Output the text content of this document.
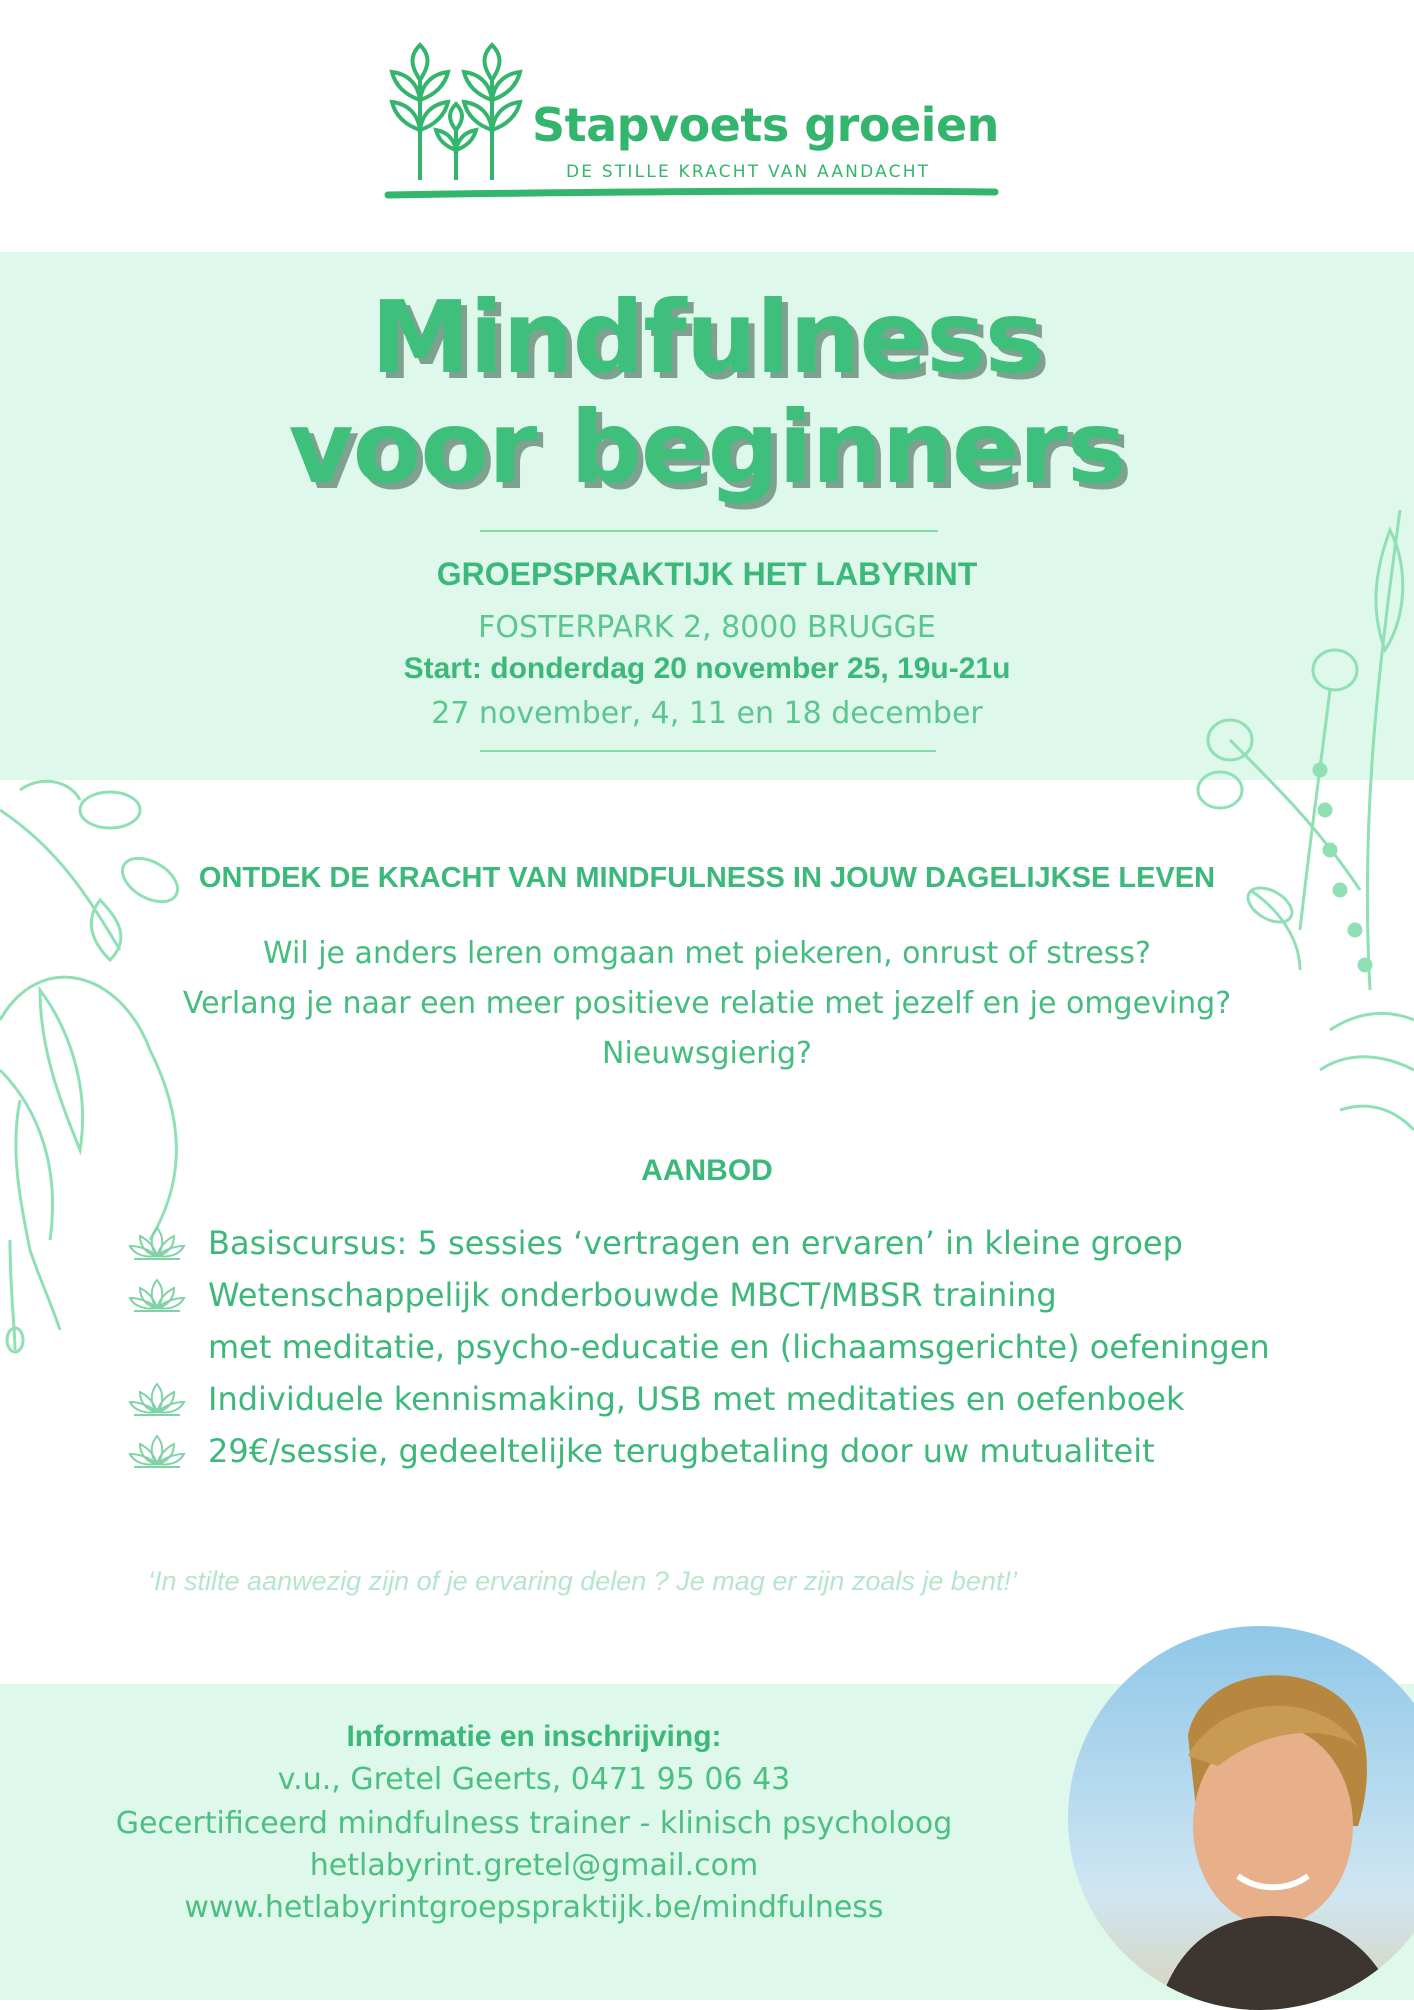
Stapvoets groeien
DE STILLE KRACHT VAN AANDACHT
Mindfulness
voor beginners
GROEPSPRAKTIJK HET LABYRINT
FOSTERPARK 2, 8000 BRUGGE
Start: donderdag 20 november 25, 19u-21u
27 november, 4, 11 en 18 december
ONTDEK DE KRACHT VAN MINDFULNESS IN JOUW DAGELIJKSE LEVEN
Wil je anders leren omgaan met piekeren, onrust of stress?
Verlang je naar een meer positieve relatie met jezelf en je omgeving?
Nieuwsgierig?
AANBOD
Basiscursus: 5 sessies ‘vertragen en ervaren’ in kleine groep
Wetenschappelijk onderbouwde MBCT/MBSR training
met meditatie, psycho-educatie en (lichaamsgerichte) oefeningen
Individuele kennismaking, USB met meditaties en oefenboek
29€/sessie, gedeeltelijke terugbetaling door uw mutualiteit
‘In stilte aanwezig zijn of je ervaring delen ? Je mag er zijn zoals je bent!’
Informatie en inschrijving:
v.u., Gretel Geerts, 0471 95 06 43
Gecertificeerd mindfulness trainer - klinisch psycholoog
hetlabyrint.gretel@gmail.com
www.hetlabyrintgroepspraktijk.be/mindfulness
